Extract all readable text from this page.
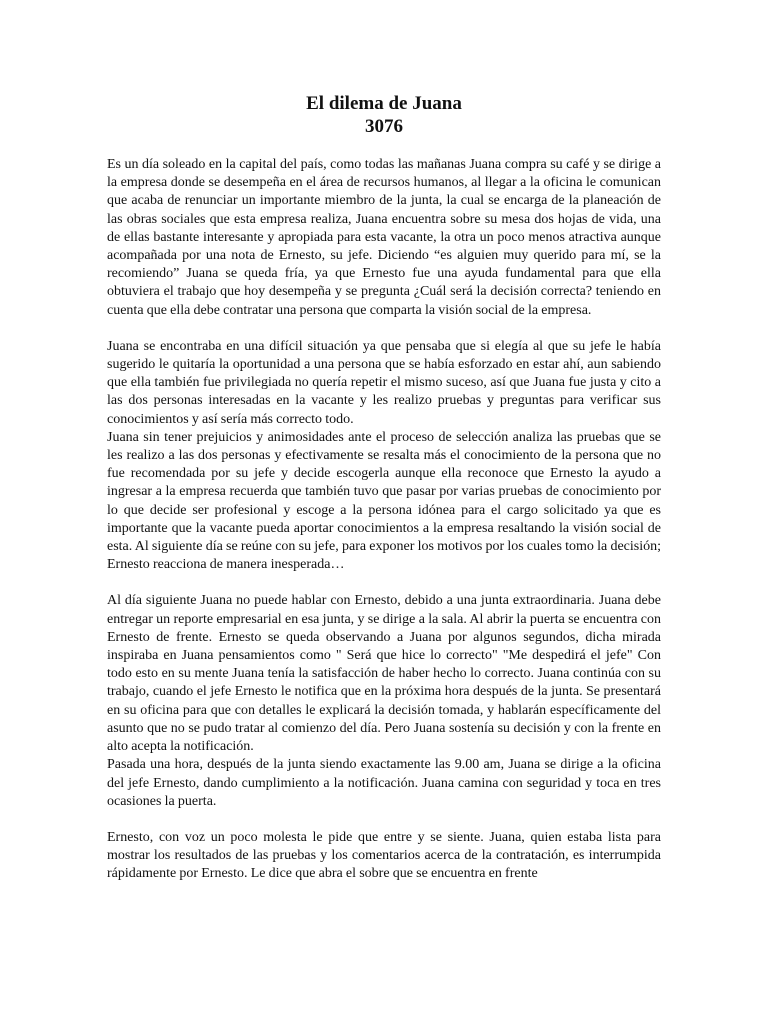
El dilema de Juana
3076

Es un día soleado en la capital del país, como todas las mañanas Juana compra su café y se dirige a la empresa donde se desempeña en el área de recursos humanos, al llegar a la oficina le comunican que acaba de renunciar un importante miembro de la junta, la cual se encarga de la planeación de las obras sociales que esta empresa realiza, Juana encuentra sobre su mesa dos hojas de vida, una de ellas bastante interesante y apropiada para esta vacante, la otra un poco menos atractiva aunque acompañada por una nota de Ernesto, su jefe. Diciendo “es alguien muy querido para mí, se la recomiendo” Juana se queda fría, ya que Ernesto fue una ayuda fundamental para que ella obtuviera el trabajo que hoy desempeña y se pregunta ¿Cuál será la decisión correcta? teniendo en cuenta que ella debe contratar una persona que comparta la visión social de la empresa.

Juana se encontraba en una difícil situación ya que pensaba que si elegía al que su jefe le había sugerido le quitaría la oportunidad a una persona que se había esforzado en estar ahí, aun sabiendo que ella también fue privilegiada no quería repetir el mismo suceso, así que Juana fue justa y cito a las dos personas interesadas en la vacante y les realizo pruebas y preguntas para verificar sus conocimientos y así sería más correcto todo.

Juana sin tener prejuicios y animosidades ante el proceso de selección analiza las pruebas que se les realizo a las dos personas y efectivamente se resalta más el conocimiento de la persona que no fue recomendada por su jefe y decide escogerla aunque ella reconoce que Ernesto la ayudo a ingresar a la empresa recuerda que también tuvo que pasar por varias pruebas de conocimiento por lo que decide ser profesional y escoge a la persona idónea para el cargo solicitado ya que es importante que la vacante pueda aportar conocimientos a la empresa resaltando la visión social de esta. Al siguiente día se reúne con su jefe, para exponer los motivos por los cuales tomo la decisión; Ernesto reacciona de manera inesperada…

Al día siguiente Juana no puede hablar con Ernesto, debido a una junta extraordinaria. Juana debe entregar un reporte empresarial en esa junta, y se dirige a la sala. Al abrir la puerta se encuentra con Ernesto de frente. Ernesto se queda observando a Juana por algunos segundos, dicha mirada inspiraba en Juana pensamientos como " Será que hice lo correcto" "Me despedirá el jefe" Con todo esto en su mente Juana tenía la satisfacción de haber hecho lo correcto. Juana continúa con su trabajo, cuando el jefe Ernesto le notifica que en la próxima hora después de la junta. Se presentará en su oficina para que con detalles le explicará la decisión tomada, y hablarán específicamente del asunto que no se pudo tratar al comienzo del día. Pero Juana sostenía su decisión y con la frente en alto acepta la notificación.

Pasada una hora, después de la junta siendo exactamente las 9.00 am, Juana se dirige a la oficina del jefe Ernesto, dando cumplimiento a la notificación. Juana camina con seguridad y toca en tres ocasiones la puerta.

Ernesto, con voz un poco molesta le pide que entre y se siente. Juana, quien estaba lista para mostrar los resultados de las pruebas y los comentarios acerca de la contratación, es interrumpida rápidamente por Ernesto. Le dice que abra el sobre que se encuentra en frente
